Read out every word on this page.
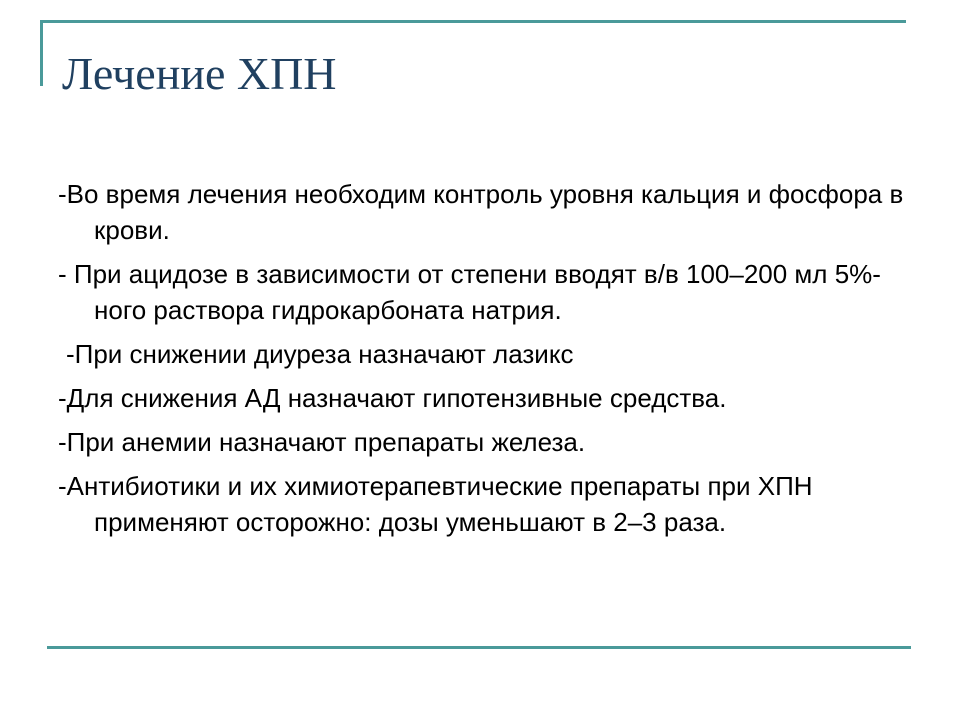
Лечение ХПН
-Во время лечения необходим контроль уровня кальция и фосфора в крови.
- При ацидозе в зависимости от степени вводят в/в 100–200 мл 5%-ного раствора гидрокарбоната натрия.
-При снижении диуреза назначают лазикс
-Для снижения АД назначают гипотензивные средства.
-При анемии назначают препараты железа.
-Антибиотики и их химиотерапевтические препараты при ХПН применяют осторожно: дозы уменьшают в 2–3 раза.
